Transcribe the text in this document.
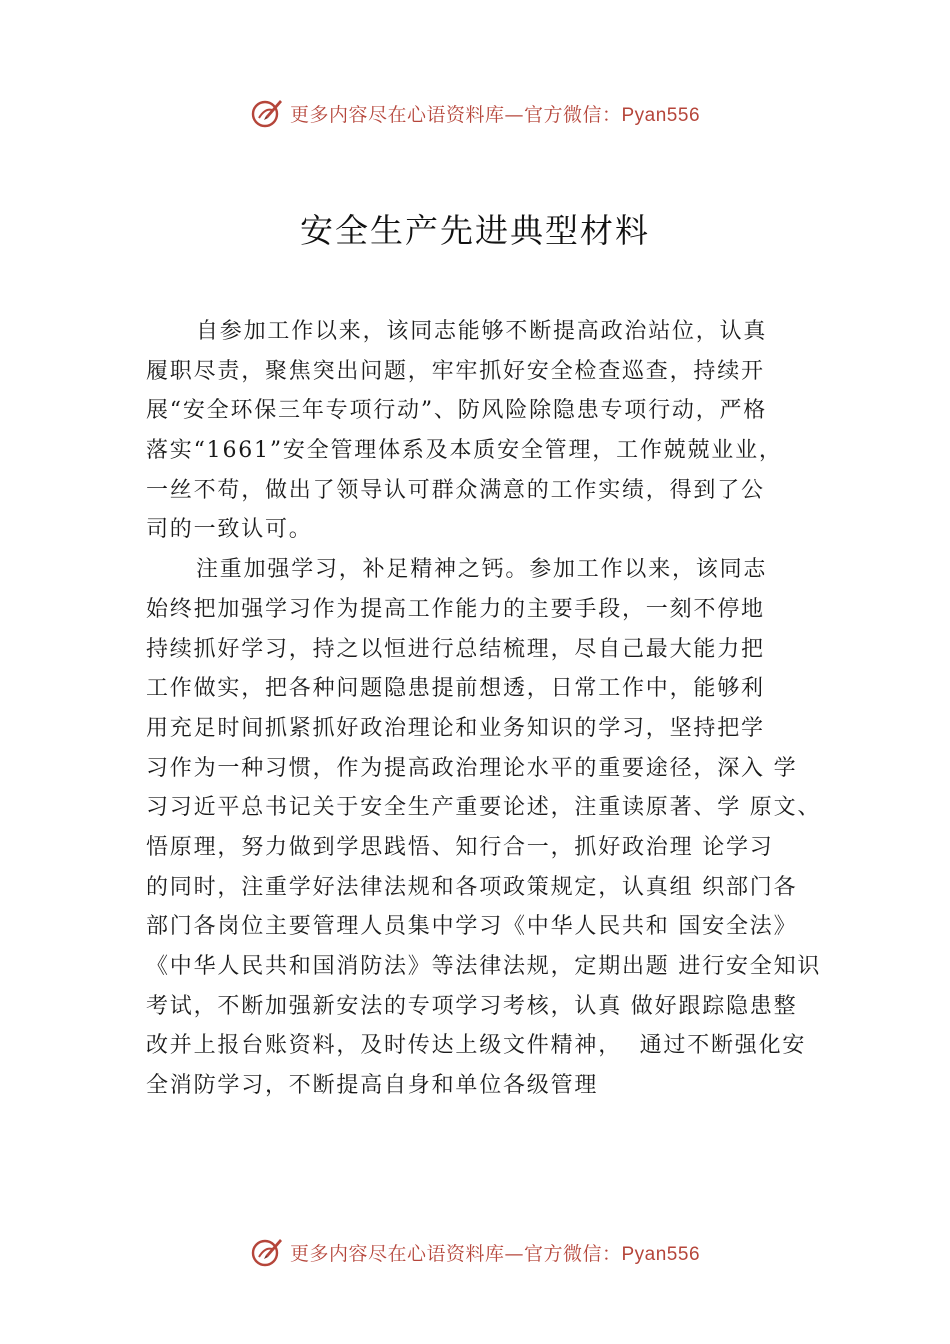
更多内容尽在心语资料库—官方微信：Pyan556
安全生产先进典型材料
自参加工作以来，该同志能够不断提高政治站位，认真
履职尽责，聚焦突出问题，牢牢抓好安全检查巡查，持续开
展“安全环保三年专项行动”、防风险除隐患专项行动，严格
落实“1661”安全管理体系及本质安全管理，工作兢兢业业，
一丝不苟，做出了领导认可群众满意的工作实绩，得到了公
司的一致认可。
注重加强学习，补足精神之钙。参加工作以来，该同志
始终把加强学习作为提高工作能力的主要手段，一刻不停地
持续抓好学习，持之以恒进行总结梳理，尽自己最大能力把
工作做实，把各种问题隐患提前想透，日常工作中，能够利
用充足时间抓紧抓好政治理论和业务知识的学习，坚持把学
习作为一种习惯，作为提高政治理论水平的重要途径，深入 学
习习近平总书记关于安全生产重要论述，注重读原著、学 原文、
悟原理，努力做到学思践悟、知行合一，抓好政治理 论学习
的同时，注重学好法律法规和各项政策规定，认真组 织部门各
部门各岗位主要管理人员集中学习《中华人民共和 国安全法》
《中华人民共和国消防法》等法律法规，定期出题 进行安全知识
考试，不断加强新安法的专项学习考核，认真 做好跟踪隐患整
改并上报台账资料，及时传达上级文件精神，  通过不断强化安
全消防学习，不断提高自身和单位各级管理
更多内容尽在心语资料库—官方微信：Pyan556
